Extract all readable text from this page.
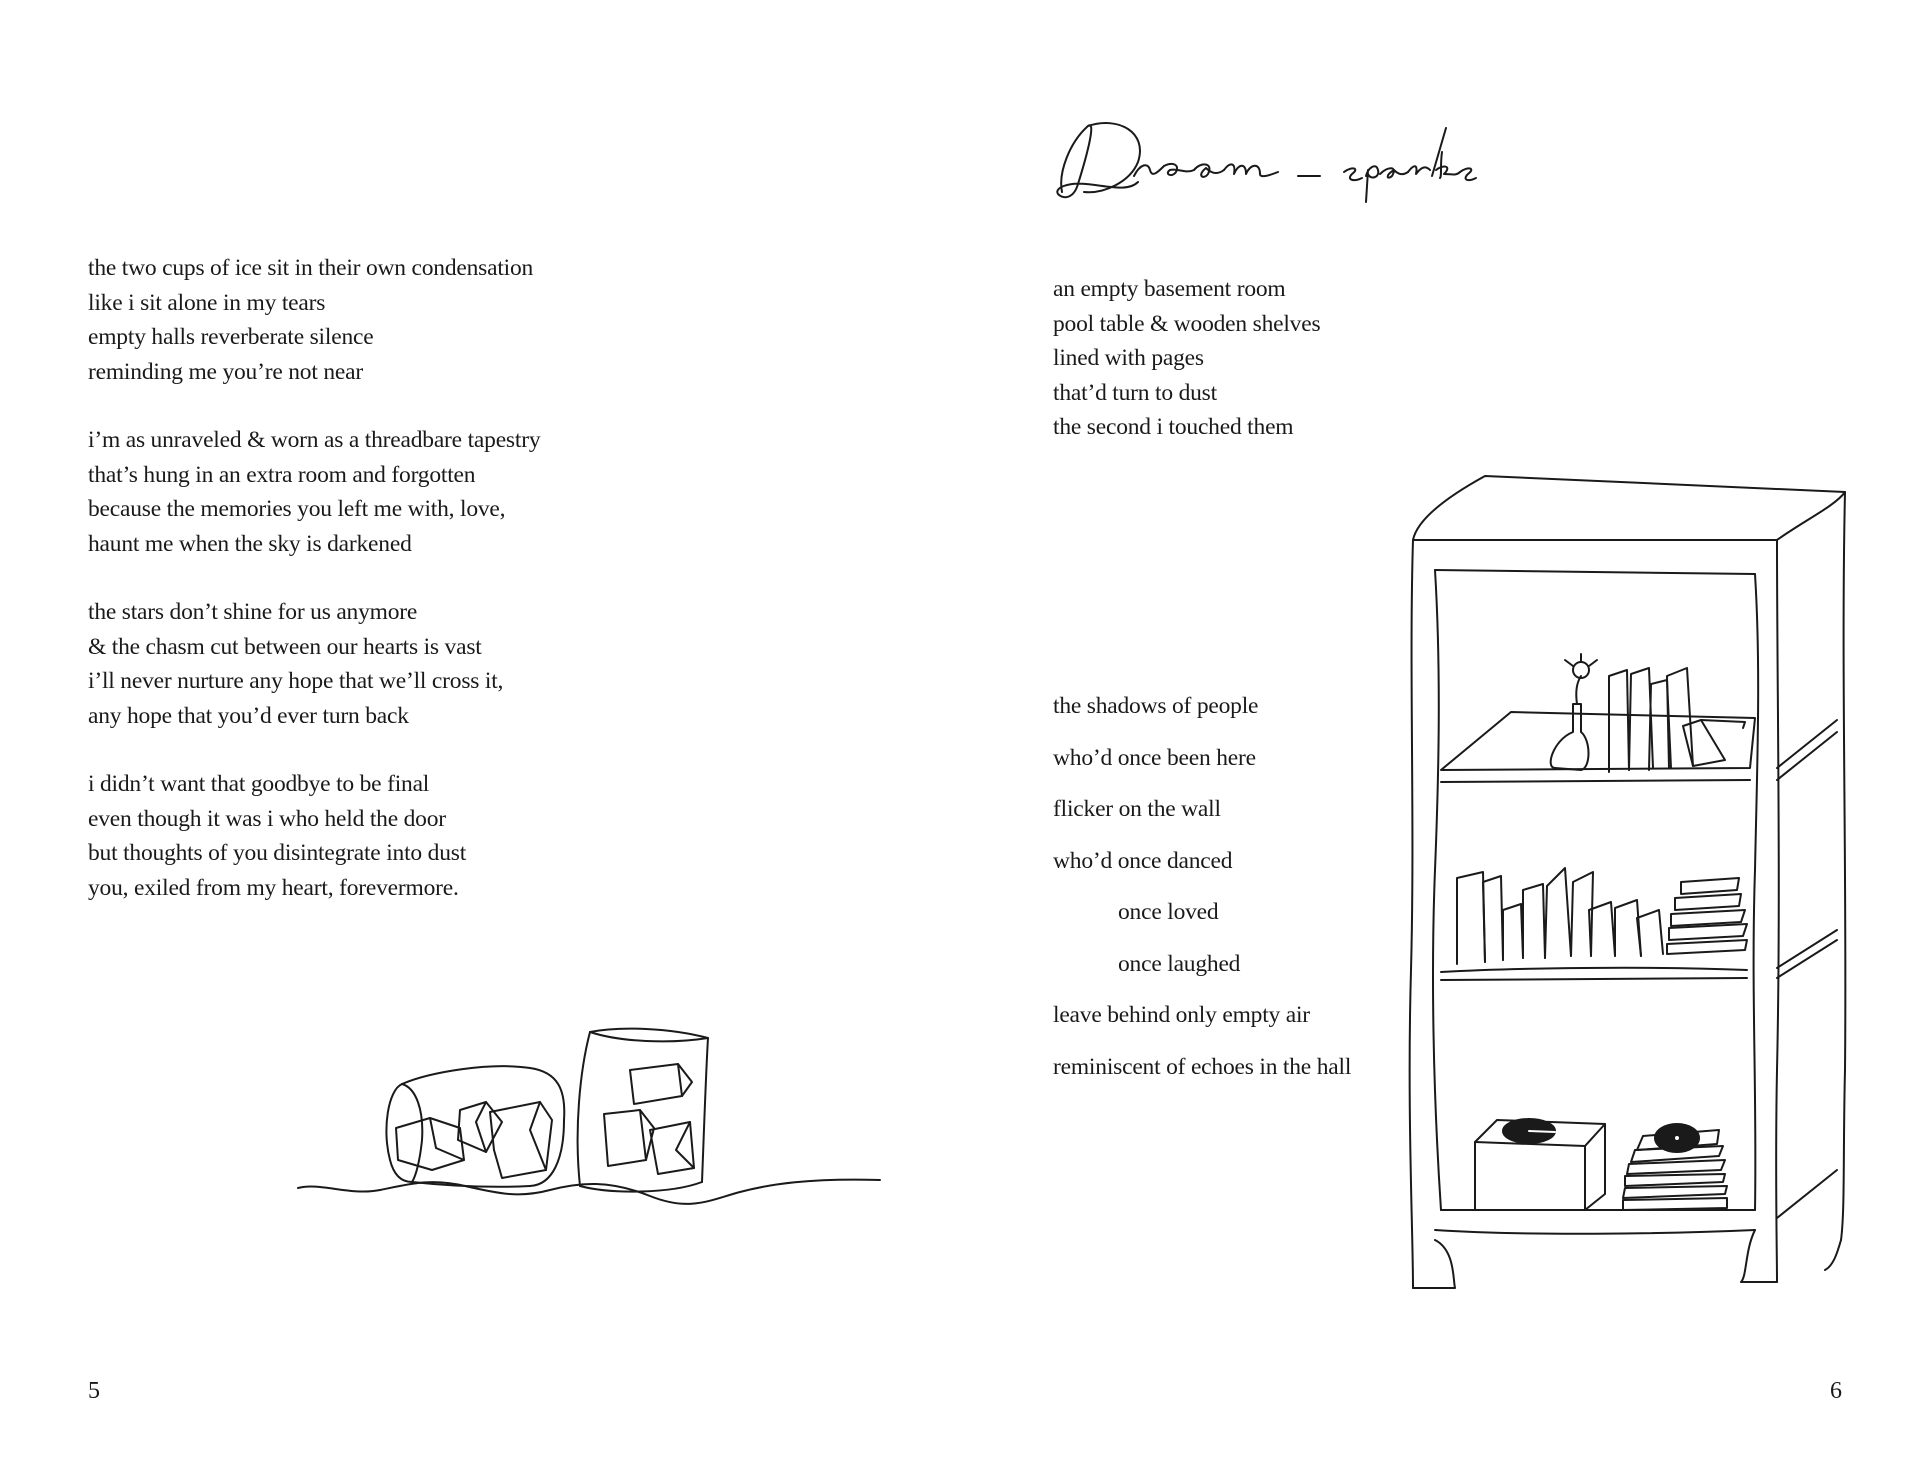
the two cups of ice sit in their own condensation
like i sit alone in my tears
empty halls reverberate silence
reminding me you’re not near
i’m as unraveled & worn as a threadbare tapestry
that’s hung in an extra room and forgotten
because the memories you left me with, love,
haunt me when the sky is darkened
the stars don’t shine for us anymore
& the chasm cut between our hearts is vast
i’ll never nurture any hope that we’ll cross it,
any hope that you’d ever turn back
i didn’t want that goodbye to be final
even though it was i who held the door
but thoughts of you disintegrate into dust
you, exiled from my heart, forevermore.
5
an empty basement room
pool table & wooden shelves
lined with pages
that’d turn to dust
the second i touched them
the shadows of people
who’d once been here
flicker on the wall
who’d once danced
once loved
once laughed
leave behind only empty air
reminiscent of echoes in the hall
6
